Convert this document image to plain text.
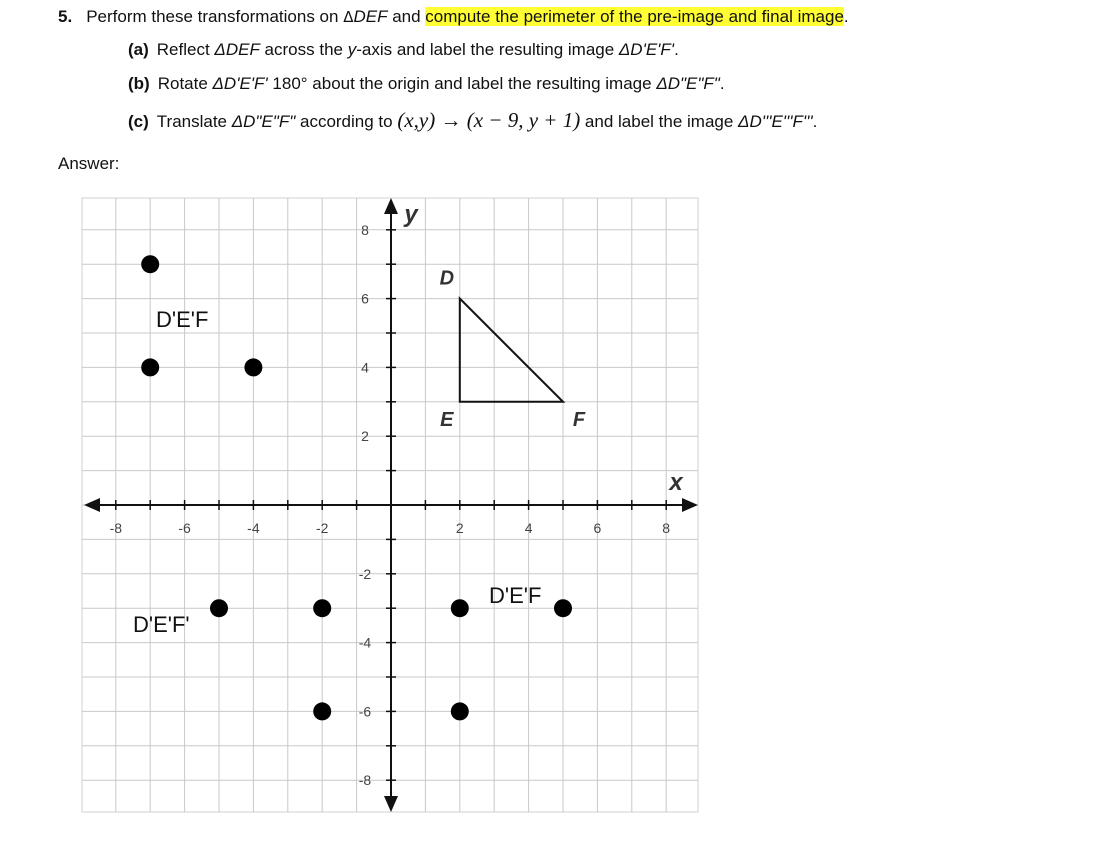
5. Perform these transformations on ΔDEF and compute the perimeter of the pre-image and final image.
(a) Reflect ΔDEF across the y-axis and label the resulting image ΔD'E'F'.
(b) Rotate ΔD'E'F' 180° about the origin and label the resulting image ΔD"E"F".
(c) Translate ΔD"E"F" according to (x,y) → (x − 9, y + 1) and label the image ΔD'''E'''F'''.
Answer:
-8	-6	-4	-2	2	4	6	8
8
6
4
2
-2
-4
-6
-8
x
y
D
E	F
D'E'F
D'E'F'
D'E'F
